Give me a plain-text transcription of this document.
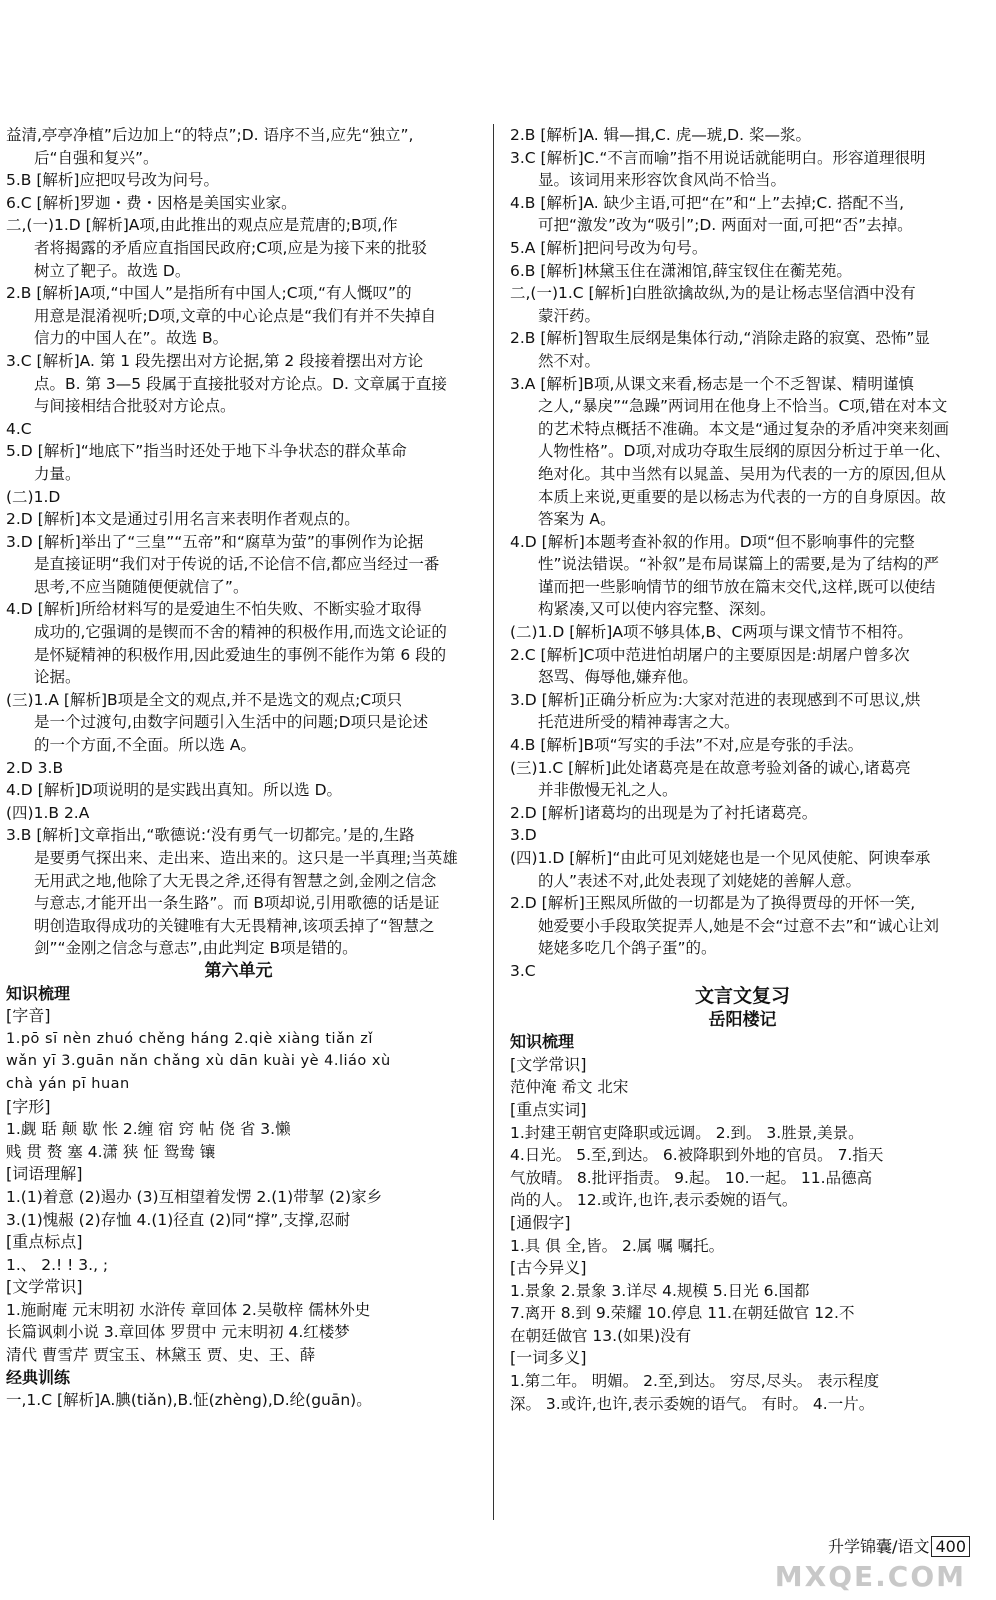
益清,亭亭净植”后边加上“的特点”;D. 语序不当,应先“独立”,
后“自强和复兴”。
5.B [解析]应把叹号改为问号。
6.C [解析]罗迦・费・因格是美国实业家。
二,(一)1.D [解析]A项,由此推出的观点应是荒唐的;B项,作
者将揭露的矛盾应直指国民政府;C项,应是为接下来的批驳
树立了靶子。故选 D。
2.B [解析]A项,“中国人”是指所有中国人;C项,“有人慨叹”的
用意是混淆视听;D项,文章的中心论点是“我们有并不失掉自
信力的中国人在”。故选 B。
3.C [解析]A. 第 1 段先摆出对方论据,第 2 段接着摆出对方论
点。B. 第 3—5 段属于直接批驳对方论点。D. 文章属于直接
与间接相结合批驳对方论点。
4.C
5.D [解析]“地底下”指当时还处于地下斗争状态的群众革命
力量。
(二)1.D
2.D [解析]本文是通过引用名言来表明作者观点的。
3.D [解析]举出了“三皇”“五帝”和“腐草为萤”的事例作为论据
是直接证明“我们对于传说的话,不论信不信,都应当经过一番
思考,不应当随随便便就信了”。
4.D [解析]所给材料写的是爱迪生不怕失败、不断实验才取得
成功的,它强调的是锲而不舍的精神的积极作用,而选文论证的
是怀疑精神的积极作用,因此爱迪生的事例不能作为第 6 段的
论据。
(三)1.A [解析]B项是全文的观点,并不是选文的观点;C项只
是一个过渡句,由数字问题引入生活中的问题;D项只是论述
的一个方面,不全面。所以选 A。
2.D 3.B
4.D [解析]D项说明的是实践出真知。所以选 D。
(四)1.B 2.A
3.B [解析]文章指出,“歌德说:‘没有勇气一切都完。’是的,生路
是要勇气探出来、走出来、造出来的。这只是一半真理;当英雄
无用武之地,他除了大无畏之斧,还得有智慧之剑,金刚之信念
与意志,才能开出一条生路”。而 B项却说,引用歌德的话是证
明创造取得成功的关键唯有大无畏精神,该项丢掉了“智慧之
剑”“金刚之信念与意志”,由此判定 B项是错的。
第六单元
知识梳理
[字音]
1.pō sī nèn zhuó chěng háng 2.qiè xiàng tiǎn zǐ
wǎn yī 3.guān nǎn chǎng xù dān kuài yè 4.liáo xù
chà yán pī huan
[字形]
1.觑 聒 颠 歇 怅 2.缠 宿 窍 帖 侥 省 3.懒
贱 贯 赘 塞 4.潇 狭 怔 鸳鸯 镶
[词语理解]
1.(1)着意 (2)遏办 (3)互相望着发愣 2.(1)带挈 (2)家乡
3.(1)愧赧 (2)存恤 4.(1)径直 (2)同“撑”,支撑,忍耐
[重点标点]
1.、 2.! ! 3., ;
[文学常识]
1.施耐庵 元末明初 水浒传 章回体 2.吴敬梓 儒林外史
长篇讽刺小说 3.章回体 罗贯中 元末明初 4.红楼梦
清代 曹雪芹 贾宝玉、林黛玉 贾、史、王、薛
经典训练
一,1.C [解析]A.腆(tiǎn),B.怔(zhèng),D.纶(guān)。
2.B [解析]A. 辑—揖,C. 虎—琥,D. 桨—浆。
3.C [解析]C.“不言而喻”指不用说话就能明白。形容道理很明
显。该词用来形容饮食风尚不恰当。
4.B [解析]A. 缺少主语,可把“在”和“上”去掉;C. 搭配不当,
可把“激发”改为“吸引”;D. 两面对一面,可把“否”去掉。
5.A [解析]把问号改为句号。
6.B [解析]林黛玉住在潇湘馆,薛宝钗住在蘅芜苑。
二,(一)1.C [解析]白胜欲擒故纵,为的是让杨志坚信酒中没有
蒙汗药。
2.B [解析]智取生辰纲是集体行动,“消除走路的寂寞、恐怖”显
然不对。
3.A [解析]B项,从课文来看,杨志是一个不乏智谋、精明谨慎
之人,“暴戾”“急躁”两词用在他身上不恰当。C项,错在对本文
的艺术特点概括不准确。本文是“通过复杂的矛盾冲突来刻画
人物性格”。D项,对成功夺取生辰纲的原因分析过于单一化、
绝对化。其中当然有以晁盖、吴用为代表的一方的原因,但从
本质上来说,更重要的是以杨志为代表的一方的自身原因。故
答案为 A。
4.D [解析]本题考查补叙的作用。D项“但不影响事件的完整
性”说法错误。“补叙”是布局谋篇上的需要,是为了结构的严
谨而把一些影响情节的细节放在篇末交代,这样,既可以使结
构紧凑,又可以使内容完整、深刻。
(二)1.D [解析]A项不够具体,B、C两项与课文情节不相符。
2.C [解析]C项中范进怕胡屠户的主要原因是:胡屠户曾多次
怒骂、侮辱他,嫌弃他。
3.D [解析]正确分析应为:大家对范进的表现感到不可思议,烘
托范进所受的精神毒害之大。
4.B [解析]B项“写实的手法”不对,应是夸张的手法。
(三)1.C [解析]此处诸葛亮是在故意考验刘备的诚心,诸葛亮
并非傲慢无礼之人。
2.D [解析]诸葛均的出现是为了衬托诸葛亮。
3.D
(四)1.D [解析]“由此可见刘姥姥也是一个见风使舵、阿谀奉承
的人”表述不对,此处表现了刘姥姥的善解人意。
2.D [解析]王熙凤所做的一切都是为了换得贾母的开怀一笑,
她爱要小手段取笑捉弄人,她是不会“过意不去”和“诚心让刘
姥姥多吃几个鸽子蛋”的。
3.C
文言文复习
岳阳楼记
知识梳理
[文学常识]
范仲淹 希文 北宋
[重点实词]
1.封建王朝官吏降职或远调。 2.到。 3.胜景,美景。
4.日光。 5.至,到达。 6.被降职到外地的官员。 7.指天
气放晴。 8.批评指责。 9.起。 10.一起。 11.品德高
尚的人。 12.或许,也许,表示委婉的语气。
[通假字]
1.具 俱 全,皆。 2.属 嘱 嘱托。
[古今异义]
1.景象 2.景象 3.详尽 4.规模 5.日光 6.国都
7.离开 8.到 9.荣耀 10.停息 11.在朝廷做官 12.不
在朝廷做官 13.(如果)没有
[一词多义]
1.第二年。 明媚。 2.至,到达。 穷尽,尽头。 表示程度
深。 3.或许,也许,表示委婉的语气。 有时。 4.一片。
升学锦囊/语文 400
MXQE.COM
